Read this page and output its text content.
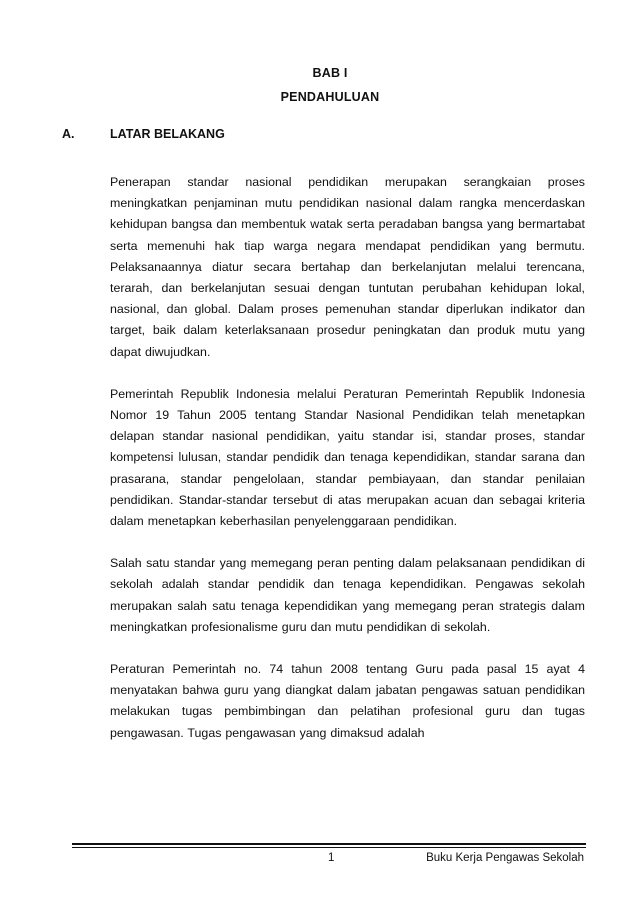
BAB I
PENDAHULUAN
A.	LATAR BELAKANG

Penerapan standar nasional pendidikan merupakan serangkaian proses meningkatkan penjaminan mutu pendidikan nasional dalam rangka mencerdaskan kehidupan bangsa dan membentuk watak serta peradaban bangsa yang bermartabat serta memenuhi hak tiap warga negara mendapat pendidikan yang bermutu. Pelaksanaannya diatur secara bertahap dan berkelanjutan melalui terencana, terarah, dan berkelanjutan sesuai dengan tuntutan perubahan kehidupan lokal, nasional, dan global. Dalam proses pemenuhan standar diperlukan indikator dan target, baik dalam keterlaksanaan prosedur peningkatan dan produk mutu yang dapat diwujudkan.

Pemerintah Republik Indonesia melalui Peraturan Pemerintah Republik Indonesia Nomor 19 Tahun 2005 tentang Standar Nasional Pendidikan telah menetapkan delapan standar nasional pendidikan, yaitu standar isi, standar proses, standar kompetensi lulusan, standar pendidik dan tenaga kependidikan, standar sarana dan prasarana, standar pengelolaan, standar pembiayaan, dan standar penilaian pendidikan. Standar-standar tersebut di atas merupakan acuan dan sebagai kriteria dalam menetapkan keberhasilan penyelenggaraan pendidikan.

Salah satu standar yang memegang peran penting dalam pelaksanaan pendidikan di sekolah adalah standar pendidik dan tenaga kependidikan. Pengawas sekolah merupakan salah satu tenaga kependidikan yang memegang peran strategis dalam meningkatkan profesionalisme guru dan mutu pendidikan di sekolah.

Peraturan Pemerintah no. 74 tahun 2008 tentang Guru pada pasal 15 ayat 4 menyatakan bahwa guru yang diangkat dalam jabatan pengawas satuan pendidikan melakukan tugas pembimbingan dan pelatihan profesional guru dan tugas pengawasan. Tugas pengawasan yang dimaksud adalah

1	Buku Kerja Pengawas Sekolah
